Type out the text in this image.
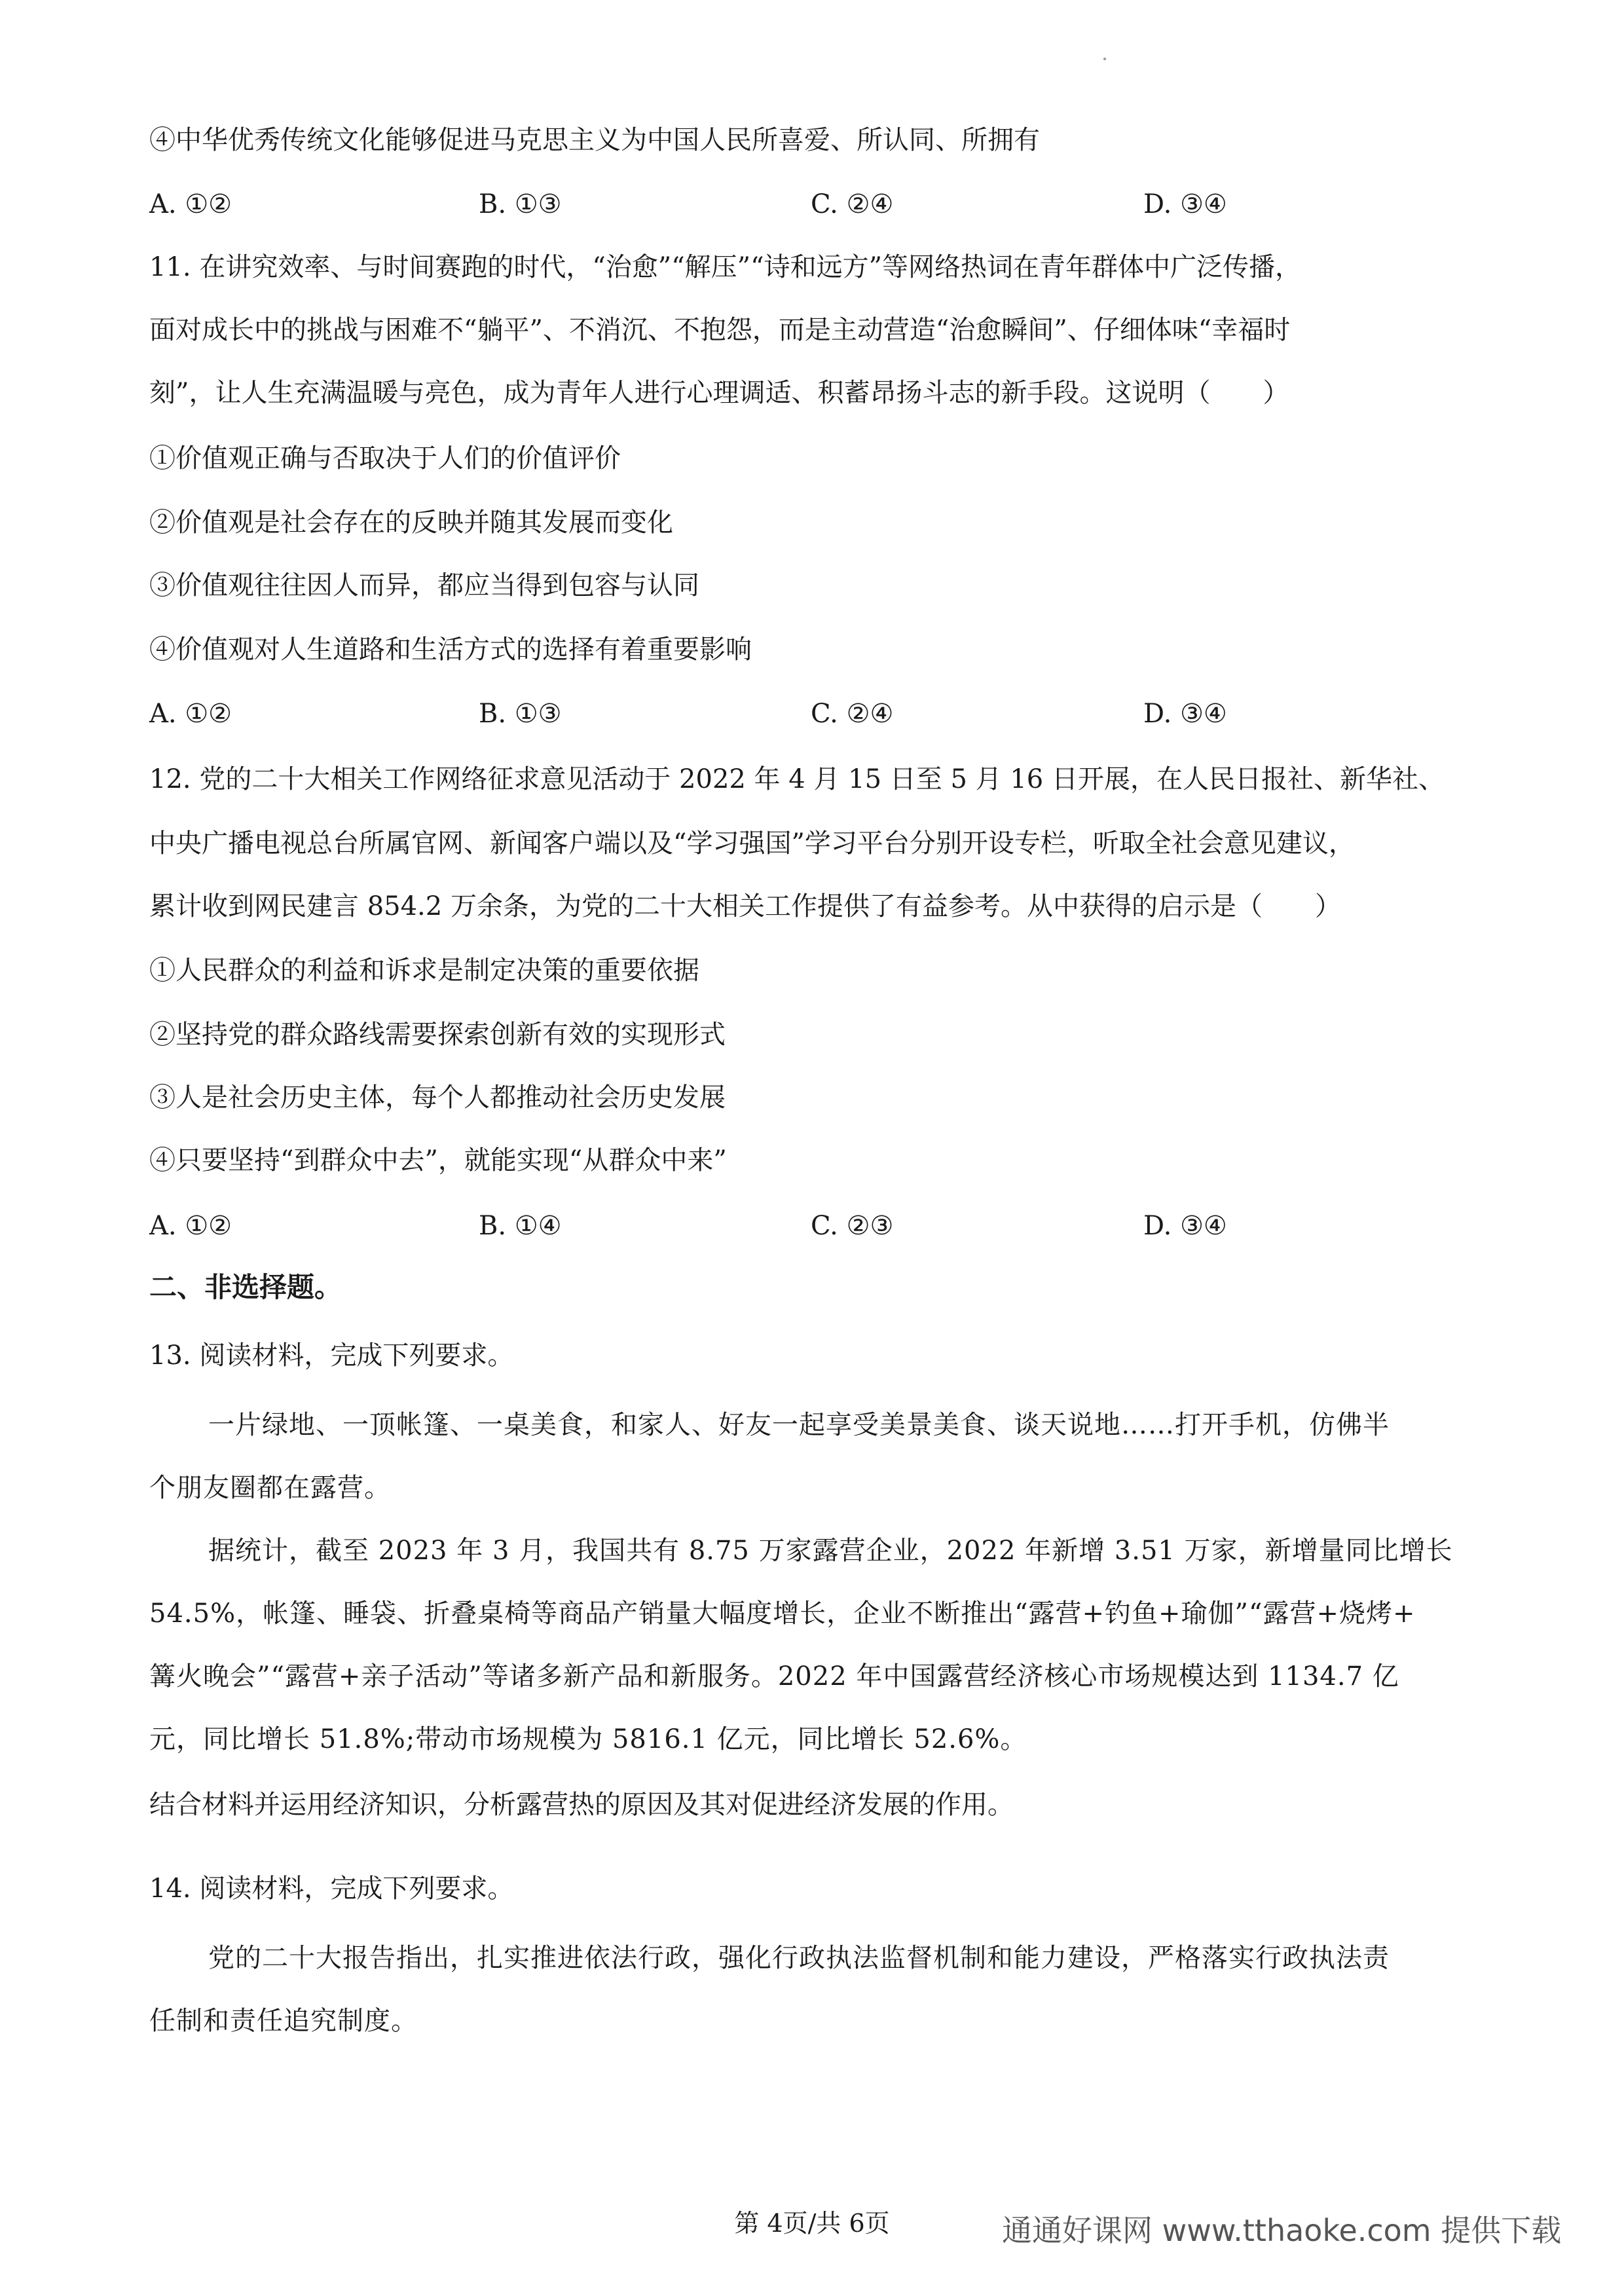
④中华优秀传统文化能够促进马克思主义为中国人民所喜爱、所认同、所拥有
A. ①②	B. ①③	C. ②④	D. ③④
11. 在讲究效率、与时间赛跑的时代，“治愈”“解压”“诗和远方”等网络热词在青年群体中广泛传播，
面对成长中的挑战与困难不“躺平”、不消沉、不抱怨，而是主动营造“治愈瞬间”、仔细体味“幸福时
刻”，让人生充满温暖与亮色，成为青年人进行心理调适、积蓄昂扬斗志的新手段。这说明（　　）
①价值观正确与否取决于人们的价值评价
②价值观是社会存在的反映并随其发展而变化
③价值观往往因人而异，都应当得到包容与认同
④价值观对人生道路和生活方式的选择有着重要影响
A. ①②	B. ①③	C. ②④	D. ③④
12. 党的二十大相关工作网络征求意见活动于 2022 年 4 月 15 日至 5 月 16 日开展，在人民日报社、新华社、
中央广播电视总台所属官网、新闻客户端以及“学习强国”学习平台分别开设专栏，听取全社会意见建议，
累计收到网民建言 854.2 万余条，为党的二十大相关工作提供了有益参考。从中获得的启示是（　　）
①人民群众的利益和诉求是制定决策的重要依据
②坚持党的群众路线需要探索创新有效的实现形式
③人是社会历史主体，每个人都推动社会历史发展
④只要坚持“到群众中去”，就能实现“从群众中来”
A. ①②	B. ①④	C. ②③	D. ③④
二、非选择题。
13. 阅读材料，完成下列要求。
一片绿地、一顶帐篷、一桌美食，和家人、好友一起享受美景美食、谈天说地……打开手机，仿佛半
个朋友圈都在露营。
据统计，截至 2023 年 3 月，我国共有 8.75 万家露营企业，2022 年新增 3.51 万家，新增量同比增长
54.5%，帐篷、睡袋、折叠桌椅等商品产销量大幅度增长，企业不断推出“露营+钓鱼+瑜伽”“露营+烧烤+
篝火晚会”“露营+亲子活动”等诸多新产品和新服务。2022 年中国露营经济核心市场规模达到 1134.7 亿
元，同比增长 51.8%;带动市场规模为 5816.1 亿元，同比增长 52.6%。
结合材料并运用经济知识，分析露营热的原因及其对促进经济发展的作用。
14. 阅读材料，完成下列要求。
党的二十大报告指出，扎实推进依法行政，强化行政执法监督机制和能力建设，严格落实行政执法责
任制和责任追究制度。
第 4页/共 6页	通通好课网 www.tthaoke.com 提供下载
